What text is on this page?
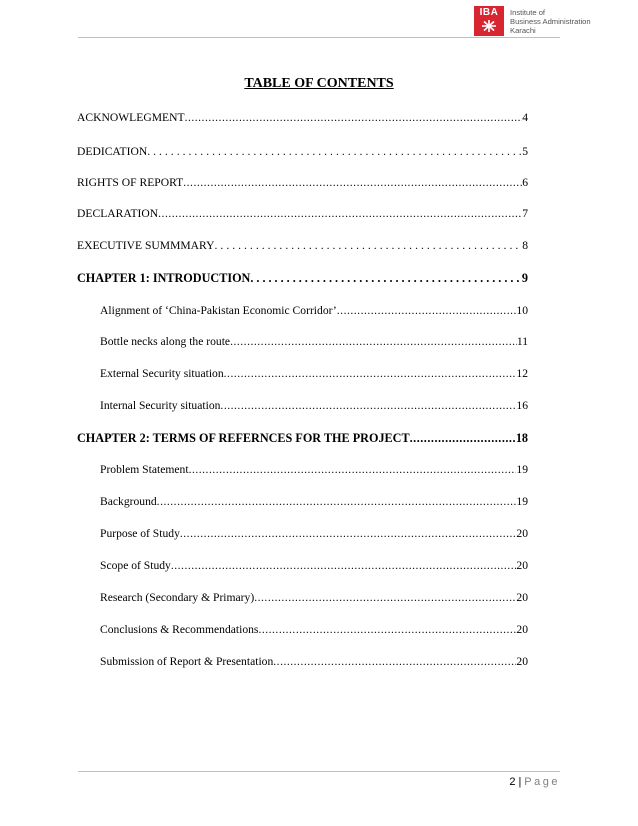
IBA Institute of
Business Administration
Karachi
TABLE OF CONTENTS
ACKNOWLEGMENT .....	4
DEDICATION .....	5
RIGHTS OF REPORT .....	6
DECLARATION .....	7
EXECUTIVE SUMMMARY .....	8
CHAPTER 1: INTRODUCTION .....	9
Alignment of ‘China-Pakistan Economic Corridor’ .....	10
Bottle necks along the route .....	11
External Security situation .....	12
Internal Security situation .....	16
CHAPTER 2: TERMS OF REFERNCES FOR THE PROJECT .....	18
Problem Statement .....	19
Background .....	19
Purpose of Study .....	20
Scope of Study .....	20
Research (Secondary & Primary) .....	20
Conclusions & Recommendations .....	20
Submission of Report & Presentation .....	20
2 | Page
